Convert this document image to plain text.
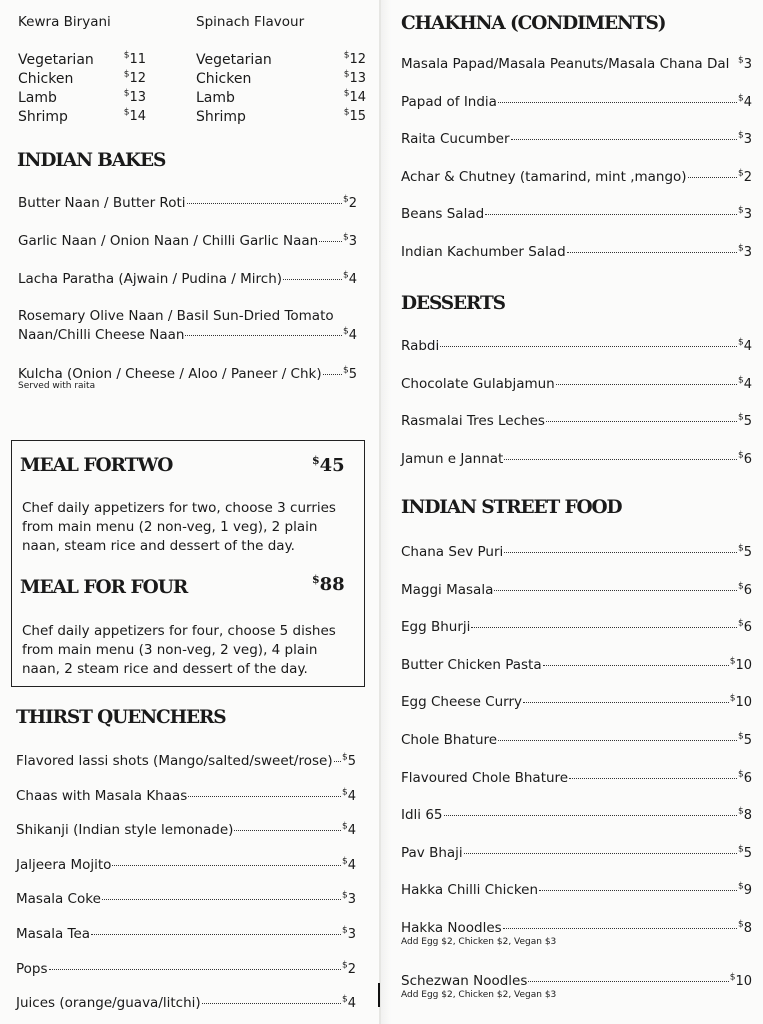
Kewra Biryani
Vegetarian	$11
Chicken	$12
Lamb	$13
Shrimp	$14
Spinach Flavour
Vegetarian	$12
Chicken	$13
Lamb	$14
Shrimp	$15
INDIAN BAKES
Butter Naan / Butter Roti	$2
Garlic Naan / Onion Naan / Chilli Garlic Naan	$3
Lacha Paratha (Ajwain / Pudina / Mirch)	$4
Rosemary Olive Naan / Basil Sun-Dried Tomato
Naan/Chilli Cheese Naan	$4
Kulcha (Onion / Cheese / Aloo / Paneer / Chk) $5
Served with raita
MEAL FORTWO	$45
Chef daily appetizers for two, choose 3 curries from main menu (2 non-veg, 1 veg), 2 plain naan, steam rice and dessert of the day.
MEAL FOR FOUR	$88
Chef daily appetizers for four, choose 5 dishes from main menu (3 non-veg, 2 veg), 4 plain naan, 2 steam rice and dessert of the day.
THIRST QUENCHERS
Flavored lassi shots (Mango/salted/sweet/rose) $5
Chaas with Masala Khaas	$4
Shikanji (Indian style lemonade)	$4
Jaljeera Mojito	$4
Masala Coke	$3
Masala Tea	$3
Pops	$2
Juices (orange/guava/litchi)	$4
CHAKHNA (CONDIMENTS)
Masala Papad/Masala Peanuts/Masala Chana Dal $3
Papad of India	$4
Raita Cucumber	$3
Achar & Chutney (tamarind, mint ,mango)	$2
Beans Salad	$3
Indian Kachumber Salad	$3
DESSERTS
Rabdi	$4
Chocolate Gulabjamun	$4
Rasmalai Tres Leches	$5
Jamun e Jannat	$6
INDIAN STREET FOOD
Chana Sev Puri	$5
Maggi Masala	$6
Egg Bhurji	$6
Butter Chicken Pasta	$10
Egg Cheese Curry	$10
Chole Bhature	$5
Flavoured Chole Bhature	$6
Idli 65	$8
Pav Bhaji	$5
Hakka Chilli Chicken	$9
Hakka Noodles	$8
Add Egg $2, Chicken $2, Vegan $3
Schezwan Noodles	$10
Add Egg $2, Chicken $2, Vegan $3
